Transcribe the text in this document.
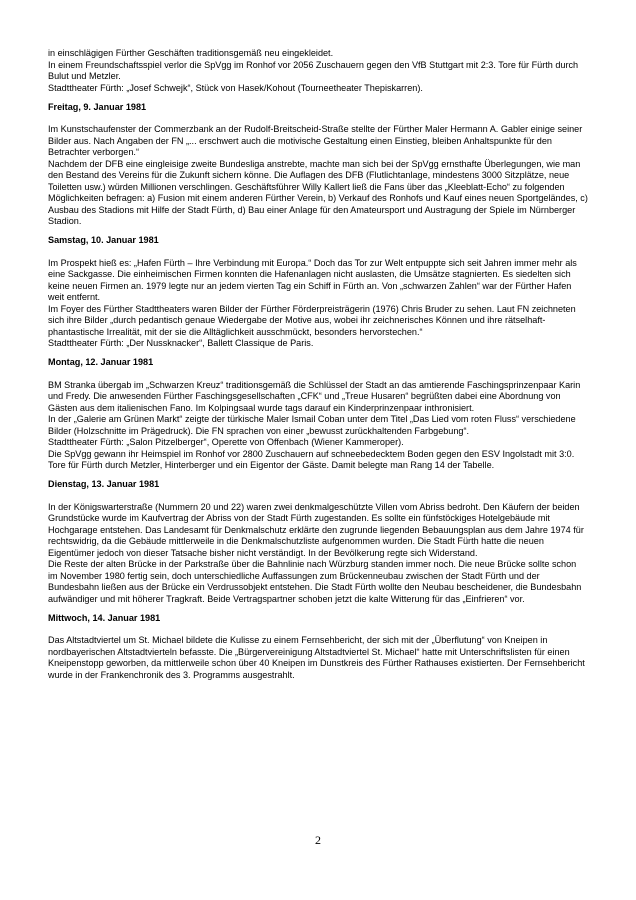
in einschlägigen Fürther Geschäften traditionsgemäß neu eingekleidet.

In einem Freundschaftsspiel verlor die SpVgg im Ronhof vor 2056 Zuschauern gegen den VfB Stuttgart mit 2:3. Tore für Fürth durch Bulut und Metzler.

Stadttheater Fürth: „Josef Schwejk“, Stück von Hasek/Kohout (Tourneetheater Thepiskarren).

Freitag, 9. Januar 1981

Im Kunstschaufenster der Commerzbank an der Rudolf-Breitscheid-Straße stellte der Fürther Maler Hermann A. Gabler einige seiner Bilder aus. Nach Angaben der FN „... erschwert auch die motivische Gestaltung einen Einstieg, bleiben Anhaltspunkte für den Betrachter verborgen.“

Nachdem der DFB eine eingleisige zweite Bundesliga anstrebte, machte man sich bei der SpVgg ernsthafte Überlegungen, wie man den Bestand des Vereins für die Zukunft sichern könne. Die Auflagen des DFB (Flutlichtanlage, mindestens 3000 Sitzplätze, neue Toiletten usw.) würden Millionen verschlingen. Geschäftsführer Willy Kallert ließ die Fans über das „Kleeblatt-Echo“ zu folgenden Möglichkeiten befragen: a) Fusion mit einem anderen Fürther Verein, b) Verkauf des Ronhofs und Kauf eines neuen Sportgeländes, c) Ausbau des Stadions mit Hilfe der Stadt Fürth, d) Bau einer Anlage für den Amateursport und Austragung der Spiele im Nürnberger Stadion.

Samstag, 10. Januar 1981

Im Prospekt hieß es: „Hafen Fürth – Ihre Verbindung mit Europa.“ Doch das Tor zur Welt entpuppte sich seit Jahren immer mehr als eine Sackgasse. Die einheimischen Firmen konnten die Hafenanlagen nicht auslasten, die Umsätze stagnierten. Es siedelten sich keine neuen Firmen an. 1979 legte nur an jedem vierten Tag ein Schiff in Fürth an. Von „schwarzen Zahlen“ war der Fürther Hafen weit entfernt.

Im Foyer des Fürther Stadttheaters waren Bilder der Fürther Förderpreisträgerin (1976) Chris Bruder zu sehen. Laut FN zeichneten sich ihre Bilder „durch pedantisch genaue Wiedergabe der Motive aus, wobei ihr zeichnerisches Können und ihre rätselhaft-phantastische Irrealität, mit der sie die Alltäglichkeit ausschmückt, besonders hervorstechen.“

Stadttheater Fürth: „Der Nussknacker“, Ballett Classique de Paris.

Montag, 12. Januar 1981

BM Stranka übergab im „Schwarzen Kreuz“ traditionsgemäß die Schlüssel der Stadt an das amtierende Faschingsprinzenpaar Karin und Fredy. Die anwesenden Fürther Faschingsgesellschaften „CFK“ und „Treue Husaren“ begrüßten dabei eine Abordnung von Gästen aus dem italienischen Fano. Im Kolpingsaal wurde tags darauf ein Kinderprinzenpaar inthronisiert.

In der „Galerie am Grünen Markt“ zeigte der türkische Maler Ismail Coban unter dem Titel „Das Lied vom roten Fluss“ verschiedene Bilder (Holzschnitte im Prägedruck). Die FN sprachen von einer „bewusst zurückhaltenden Farbgebung“.

Stadttheater Fürth: „Salon Pitzelberger“, Operette von Offenbach (Wiener Kammeroper).

Die SpVgg gewann ihr Heimspiel im Ronhof vor 2800 Zuschauern auf schneebedecktem Boden gegen den ESV Ingolstadt mit 3:0. Tore für Fürth durch Metzler, Hinterberger und ein Eigentor der Gäste. Damit belegte man Rang 14 der Tabelle.

Dienstag, 13. Januar 1981

In der Königswarterstraße (Nummern 20 und 22) waren zwei denkmalgeschützte Villen vom Abriss bedroht. Den Käufern der beiden Grundstücke wurde im Kaufvertrag der Abriss von der Stadt Fürth zugestanden. Es sollte ein fünfstöckiges Hotelgebäude mit Hochgarage entstehen. Das Landesamt für Denkmalschutz erklärte den zugrunde liegenden Bebauungsplan aus dem Jahre 1974 für rechtswidrig, da die Gebäude mittlerweile in die Denkmalschutzliste aufgenommen wurden. Die Stadt Fürth hatte die neuen Eigentümer jedoch von dieser Tatsache bisher nicht verständigt. In der Bevölkerung regte sich Widerstand.

Die Reste der alten Brücke in der Parkstraße über die Bahnlinie nach Würzburg standen immer noch. Die neue Brücke sollte schon im November 1980 fertig sein, doch unterschiedliche Auffassungen zum Brückenneubau zwischen der Stadt Fürth und der Bundesbahn ließen aus der Brücke ein Verdrussobjekt entstehen. Die Stadt Fürth wollte den Neubau bescheidener, die Bundesbahn aufwändiger und mit höherer Tragkraft. Beide Vertragspartner schoben jetzt die kalte Witterung für das „Einfrieren“ vor.

Mittwoch, 14. Januar 1981

Das Altstadtviertel um St. Michael bildete die Kulisse zu einem Fernsehbericht, der sich mit der „Überflutung“ von Kneipen in nordbayerischen Altstadtvierteln befasste. Die „Bürgervereinigung Altstadtviertel St. Michael“ hatte mit Unterschriftslisten für einen Kneipenstopp geworben, da mittlerweile schon über 40 Kneipen im Dunstkreis des Fürther Rathauses existierten. Der Fernsehbericht wurde in der Frankenchronik des 3. Programms ausgestrahlt.

2
